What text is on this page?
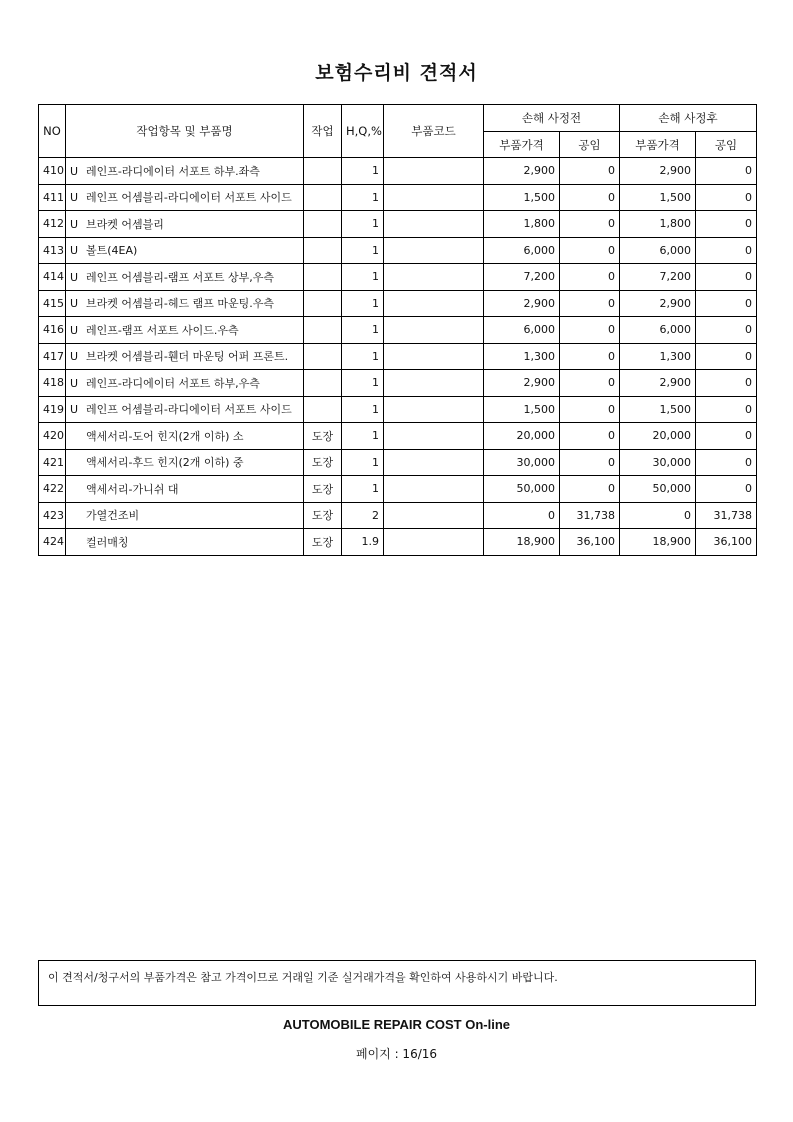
보험수리비 견적서
NO	작업항목 및 부품명	작업	H,Q,%	부품코드	손해 사정전		손해 사정후	
					부품가격	공임	부품가격	공임
410	U 레인프-라디에이터 서포트 하부.좌측		1		2,900	0	2,900	0
411	U 레인프 어셈블리-라디에이터 서포트 사이드		1		1,500	0	1,500	0
412	U 브라켓 어셈블리		1		1,800	0	1,800	0
413	U 볼트(4EA)		1		6,000	0	6,000	0
414	U 레인프 어셈블리-램프 서포트 상부,우측		1		7,200	0	7,200	0
415	U 브라켓 어셈블리-헤드 램프 마운팅.우측		1		2,900	0	2,900	0
416	U 레인프-램프 서포트 사이드.우측		1		6,000	0	6,000	0
417	U 브라켓 어셈블리-휀더 마운팅 어퍼 프론트.		1		1,300	0	1,300	0
418	U 레인프-라디에이터 서포트 하부,우측		1		2,900	0	2,900	0
419	U 레인프 어셈블리-라디에이터 서포트 사이드		1		1,500	0	1,500	0
420	액세서리-도어 힌지(2개 이하) 소	도장	1		20,000	0	20,000	0
421	액세서리-후드 힌지(2개 이하) 중	도장	1		30,000	0	30,000	0
422	액세서리-가니쉬 대	도장	1		50,000	0	50,000	0
423	가열건조비	도장	2		0	31,738	0	31,738
424	컬러매칭	도장	1.9		18,900	36,100	18,900	36,100
이 견적서/청구서의 부품가격은 참고 가격이므로 거래일 기준 실거래가격을 확인하여 사용하시기 바랍니다.
AUTOMOBILE REPAIR COST On-line
페이지 : 16/16
